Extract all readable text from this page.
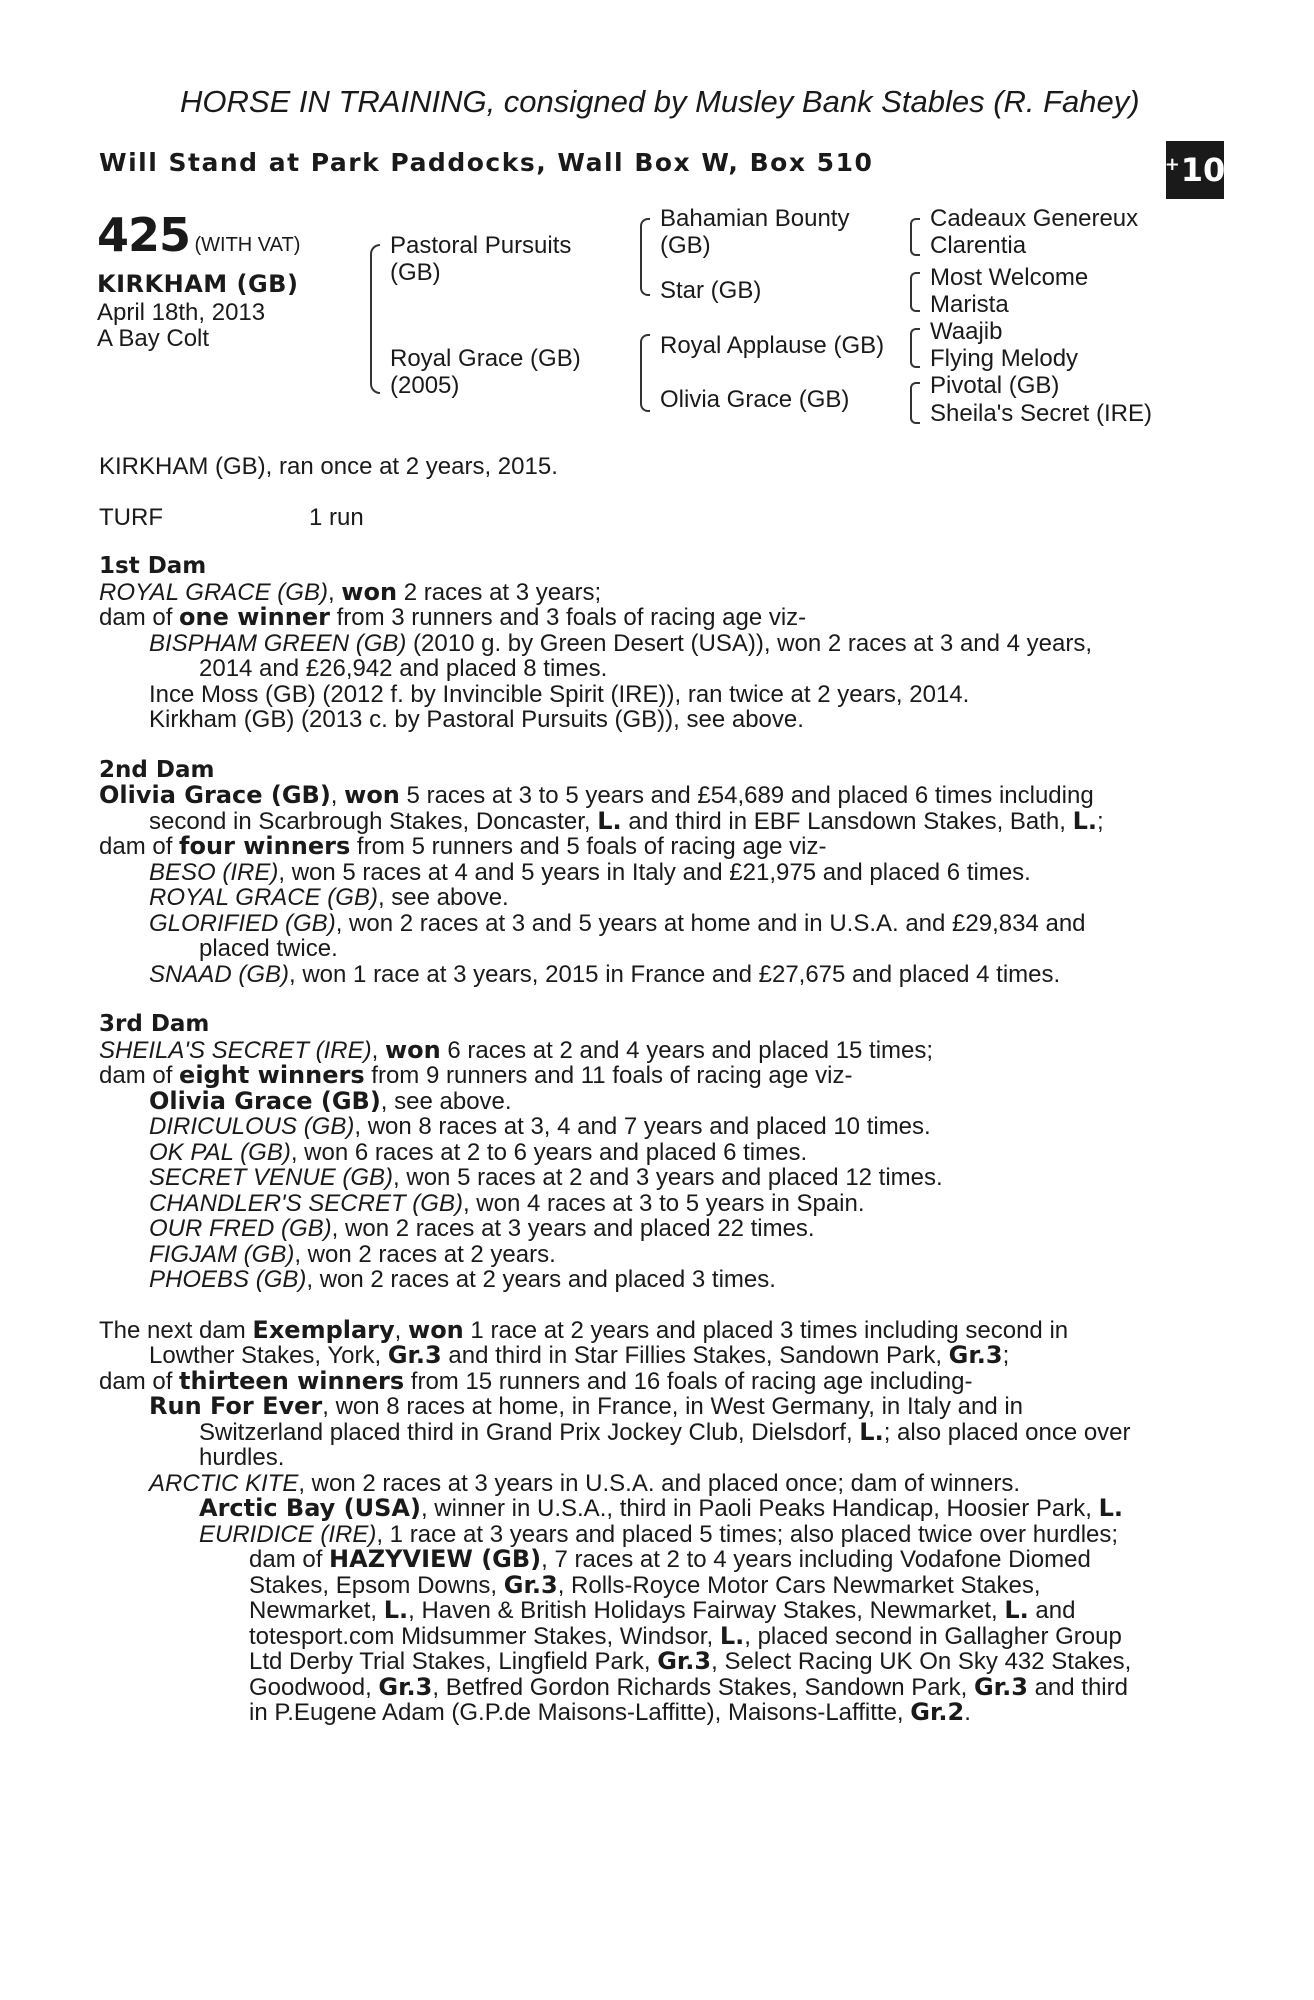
HORSE IN TRAINING, consigned by Musley Bank Stables (R. Fahey)
Will Stand at Park Paddocks, Wall Box W, Box 510	+ 10
425 (WITH VAT)
KIRKHAM (GB)
April 18th, 2013
A Bay Colt
Pastoral Pursuits
(GB)
Royal Grace (GB)
(2005)
Bahamian Bounty
(GB)
Star (GB)
Royal Applause (GB)
Olivia Grace (GB)
Cadeaux Genereux
Clarentia
Most Welcome
Marista
Waajib
Flying Melody
Pivotal (GB)
Sheila's Secret (IRE)
KIRKHAM (GB), ran once at 2 years, 2015.
TURF	1 run
1st Dam
ROYAL GRACE (GB), won 2 races at 3 years;
dam of one winner from 3 runners and 3 foals of racing age viz-
BISPHAM GREEN (GB) (2010 g. by Green Desert (USA)), won 2 races at 3 and 4 years,
2014 and £26,942 and placed 8 times.
Ince Moss (GB) (2012 f. by Invincible Spirit (IRE)), ran twice at 2 years, 2014.
Kirkham (GB) (2013 c. by Pastoral Pursuits (GB)), see above.
2nd Dam
Olivia Grace (GB), won 5 races at 3 to 5 years and £54,689 and placed 6 times including
second in Scarbrough Stakes, Doncaster, L. and third in EBF Lansdown Stakes, Bath, L.;
dam of four winners from 5 runners and 5 foals of racing age viz-
BESO (IRE), won 5 races at 4 and 5 years in Italy and £21,975 and placed 6 times.
ROYAL GRACE (GB), see above.
GLORIFIED (GB), won 2 races at 3 and 5 years at home and in U.S.A. and £29,834 and
placed twice.
SNAAD (GB), won 1 race at 3 years, 2015 in France and £27,675 and placed 4 times.
3rd Dam
SHEILA'S SECRET (IRE), won 6 races at 2 and 4 years and placed 15 times;
dam of eight winners from 9 runners and 11 foals of racing age viz-
Olivia Grace (GB), see above.
DIRICULOUS (GB), won 8 races at 3, 4 and 7 years and placed 10 times.
OK PAL (GB), won 6 races at 2 to 6 years and placed 6 times.
SECRET VENUE (GB), won 5 races at 2 and 3 years and placed 12 times.
CHANDLER'S SECRET (GB), won 4 races at 3 to 5 years in Spain.
OUR FRED (GB), won 2 races at 3 years and placed 22 times.
FIGJAM (GB), won 2 races at 2 years.
PHOEBS (GB), won 2 races at 2 years and placed 3 times.
The next dam Exemplary, won 1 race at 2 years and placed 3 times including second in
Lowther Stakes, York, Gr.3 and third in Star Fillies Stakes, Sandown Park, Gr.3;
dam of thirteen winners from 15 runners and 16 foals of racing age including-
Run For Ever, won 8 races at home, in France, in West Germany, in Italy and in
Switzerland placed third in Grand Prix Jockey Club, Dielsdorf, L.; also placed once over
hurdles.
ARCTIC KITE, won 2 races at 3 years in U.S.A. and placed once; dam of winners.
Arctic Bay (USA), winner in U.S.A., third in Paoli Peaks Handicap, Hoosier Park, L.
EURIDICE (IRE), 1 race at 3 years and placed 5 times; also placed twice over hurdles;
dam of HAZYVIEW (GB), 7 races at 2 to 4 years including Vodafone Diomed
Stakes, Epsom Downs, Gr.3, Rolls-Royce Motor Cars Newmarket Stakes,
Newmarket, L., Haven & British Holidays Fairway Stakes, Newmarket, L. and
totesport.com Midsummer Stakes, Windsor, L., placed second in Gallagher Group
Ltd Derby Trial Stakes, Lingfield Park, Gr.3, Select Racing UK On Sky 432 Stakes,
Goodwood, Gr.3, Betfred Gordon Richards Stakes, Sandown Park, Gr.3 and third
in P.Eugene Adam (G.P.de Maisons-Laffitte), Maisons-Laffitte, Gr.2.
